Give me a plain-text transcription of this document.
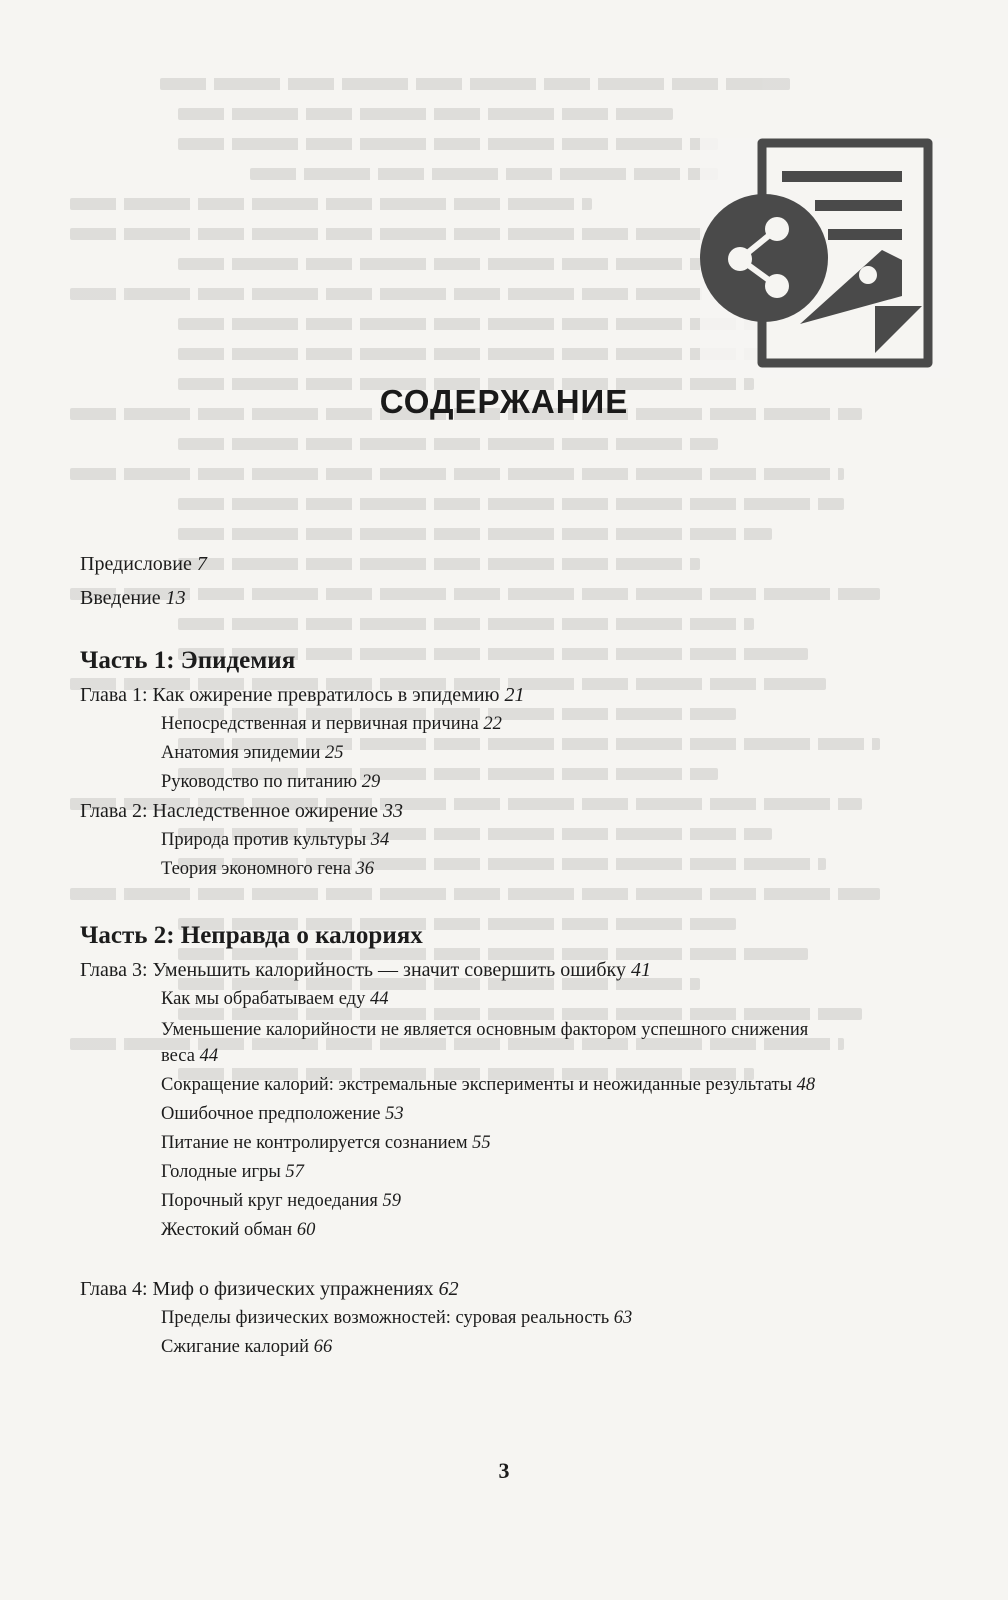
СОДЕРЖАНИЕ
Предисловие 7
Введение 13
Часть 1: Эпидемия
Глава 1: Как ожирение превратилось в эпидемию
21
Непосредственная и первичная причина 22
Анатомия эпидемии 25
Руководство по питанию 29
Глава 2: Наследственное ожирение
33
Природа против культуры 34
Теория экономного гена 36
Часть 2: Неправда о калориях
Глава 3: Уменьшить калорийность — значит совершить ошибку
41
Как мы обрабатываем еду 44
Уменьшение калорийности не является основным фактором успешного снижения веса 44
Сокращение калорий: экстремальные эксперименты и неожиданные результаты 48
Ошибочное предположение 53
Питание не контролируется сознанием 55
Голодные игры 57
Порочный круг недоедания 59
Жестокий обман 60
Глава 4: Миф о физических упражнениях
62
Пределы физических возможностей: суровая реальность 63
Сжигание калорий 66
3
